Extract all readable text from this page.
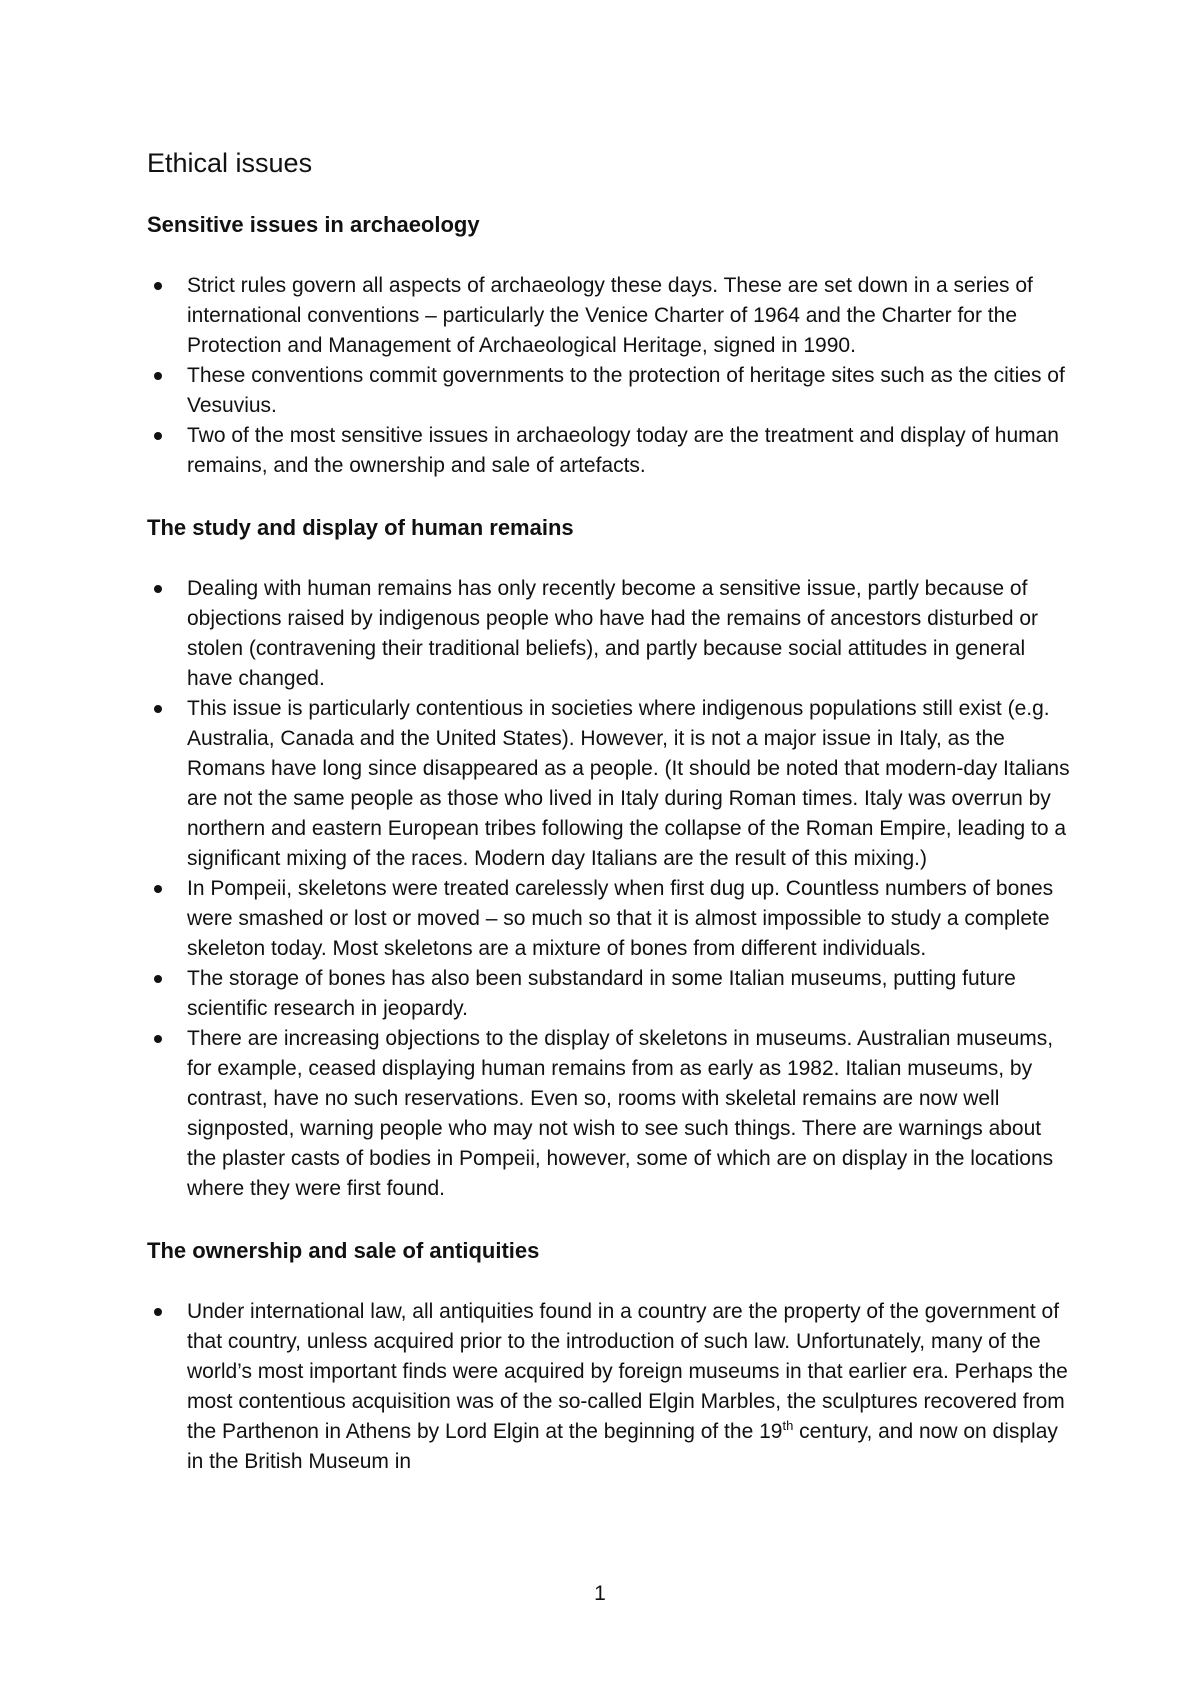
Ethical issues
Sensitive issues in archaeology
Strict rules govern all aspects of archaeology these days. These are set down in a series of international conventions – particularly the Venice Charter of 1964 and the Charter for the Protection and Management of Archaeological Heritage, signed in 1990.
These conventions commit governments to the protection of heritage sites such as the cities of Vesuvius.
Two of the most sensitive issues in archaeology today are the treatment and display of human remains, and the ownership and sale of artefacts.
The study and display of human remains
Dealing with human remains has only recently become a sensitive issue, partly because of objections raised by indigenous people who have had the remains of ancestors disturbed or stolen (contravening their traditional beliefs), and partly because social attitudes in general have changed.
This issue is particularly contentious in societies where indigenous populations still exist (e.g. Australia, Canada and the United States). However, it is not a major issue in Italy, as the Romans have long since disappeared as a people. (It should be noted that modern-day Italians are not the same people as those who lived in Italy during Roman times. Italy was overrun by northern and eastern European tribes following the collapse of the Roman Empire, leading to a significant mixing of the races. Modern day Italians are the result of this mixing.)
In Pompeii, skeletons were treated carelessly when first dug up. Countless numbers of bones were smashed or lost or moved – so much so that it is almost impossible to study a complete skeleton today. Most skeletons are a mixture of bones from different individuals.
The storage of bones has also been substandard in some Italian museums, putting future scientific research in jeopardy.
There are increasing objections to the display of skeletons in museums. Australian museums, for example, ceased displaying human remains from as early as 1982. Italian museums, by contrast, have no such reservations. Even so, rooms with skeletal remains are now well signposted, warning people who may not wish to see such things. There are warnings about the plaster casts of bodies in Pompeii, however, some of which are on display in the locations where they were first found.
The ownership and sale of antiquities
Under international law, all antiquities found in a country are the property of the government of that country, unless acquired prior to the introduction of such law. Unfortunately, many of the world’s most important finds were acquired by foreign museums in that earlier era. Perhaps the most contentious acquisition was of the so-called Elgin Marbles, the sculptures recovered from the Parthenon in Athens by Lord Elgin at the beginning of the 19th century, and now on display in the British Museum in
1
